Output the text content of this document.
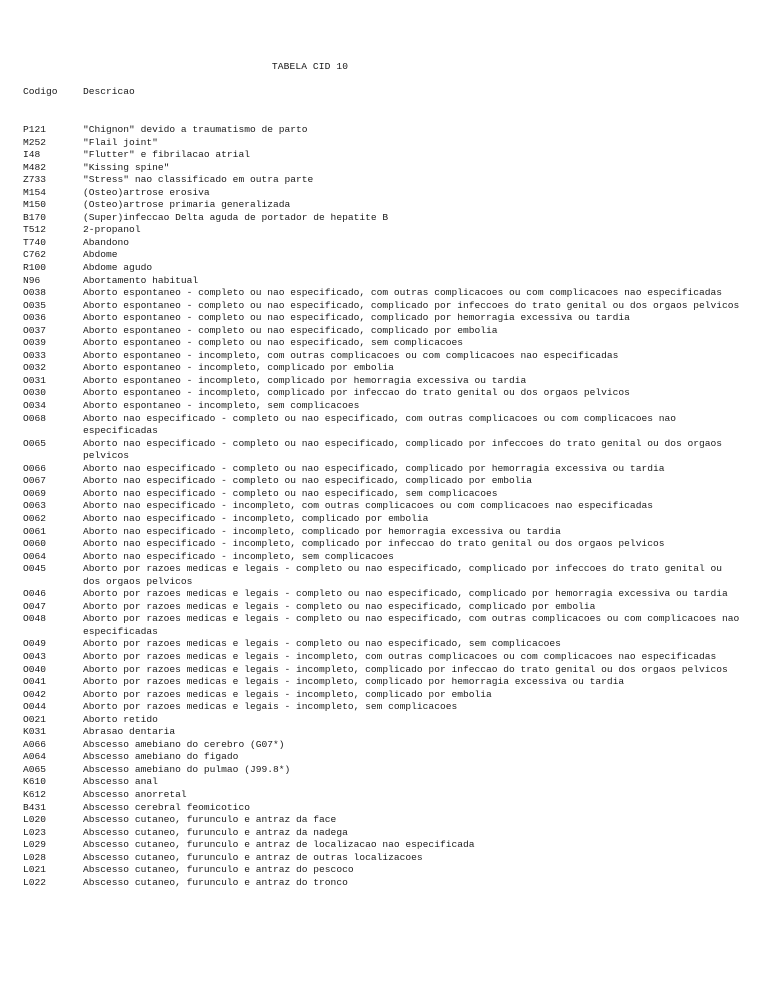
TABELA CID 10
Codigo	Descricao
P121	"Chignon" devido a traumatismo de parto
M252	"Flail joint"
I48	"Flutter" e fibrilacao atrial
M482	"Kissing spine"
Z733	"Stress" nao classificado em outra parte
M154	(Osteo)artrose erosiva
M150	(Osteo)artrose primaria generalizada
B170	(Super)infeccao Delta aguda de portador de hepatite B
T512	2-propanol
T740	Abandono
C762	Abdome
R100	Abdome agudo
N96	Abortamento habitual
O038	Aborto espontaneo - completo ou nao especificado, com outras complicacoes ou com complicacoes nao especificadas
O035	Aborto espontaneo - completo ou nao especificado, complicado por infeccoes do trato genital ou dos orgaos pelvicos
O036	Aborto espontaneo - completo ou nao especificado, complicado por hemorragia excessiva ou tardia
O037	Aborto espontaneo - completo ou nao especificado, complicado por embolia
O039	Aborto espontaneo - completo ou nao especificado, sem complicacoes
O033	Aborto espontaneo - incompleto, com outras complicacoes ou com complicacoes nao especificadas
O032	Aborto espontaneo - incompleto, complicado por embolia
O031	Aborto espontaneo - incompleto, complicado por hemorragia excessiva ou tardia
O030	Aborto espontaneo - incompleto, complicado por infeccao do trato genital ou dos orgaos pelvicos
O034	Aborto espontaneo - incompleto, sem complicacoes
O068	Aborto nao especificado - completo ou nao especificado, com outras complicacoes ou com complicacoes nao especificadas
O065	Aborto nao especificado - completo ou nao especificado, complicado por infeccoes do trato genital ou dos orgaos pelvicos
O066	Aborto nao especificado - completo ou nao especificado, complicado por hemorragia excessiva ou tardia
O067	Aborto nao especificado - completo ou nao especificado, complicado por embolia
O069	Aborto nao especificado - completo ou nao especificado, sem complicacoes
O063	Aborto nao especificado - incompleto, com outras complicacoes ou com complicacoes nao especificadas
O062	Aborto nao especificado - incompleto, complicado por embolia
O061	Aborto nao especificado - incompleto, complicado por hemorragia excessiva ou tardia
O060	Aborto nao especificado - incompleto, complicado por infeccao do trato genital ou dos orgaos pelvicos
O064	Aborto nao especificado - incompleto, sem complicacoes
O045	Aborto por razoes medicas e legais - completo ou nao especificado, complicado por infeccoes do trato genital ou dos orgaos pelvicos
O046	Aborto por razoes medicas e legais - completo ou nao especificado, complicado por hemorragia excessiva ou tardia
O047	Aborto por razoes medicas e legais - completo ou nao especificado, complicado por embolia
O048	Aborto por razoes medicas e legais - completo ou nao especificado, com outras complicacoes ou com complicacoes nao especificadas
O049	Aborto por razoes medicas e legais - completo ou nao especificado, sem complicacoes
O043	Aborto por razoes medicas e legais - incompleto, com outras complicacoes ou com complicacoes nao especificadas
O040	Aborto por razoes medicas e legais - incompleto, complicado por infeccao do trato genital ou dos orgaos pelvicos
O041	Aborto por razoes medicas e legais - incompleto, complicado por hemorragia excessiva ou tardia
O042	Aborto por razoes medicas e legais - incompleto, complicado por embolia
O044	Aborto por razoes medicas e legais - incompleto, sem complicacoes
O021	Aborto retido
K031	Abrasao dentaria
A066	Abscesso amebiano do cerebro (G07*)
A064	Abscesso amebiano do figado
A065	Abscesso amebiano do pulmao (J99.8*)
K610	Abscesso anal
K612	Abscesso anorretal
B431	Abscesso cerebral feomicotico
L020	Abscesso cutaneo, furunculo e antraz da face
L023	Abscesso cutaneo, furunculo e antraz da nadega
L029	Abscesso cutaneo, furunculo e antraz de localizacao nao especificada
L028	Abscesso cutaneo, furunculo e antraz de outras localizacoes
L021	Abscesso cutaneo, furunculo e antraz do pescoco
L022	Abscesso cutaneo, furunculo e antraz do tronco
